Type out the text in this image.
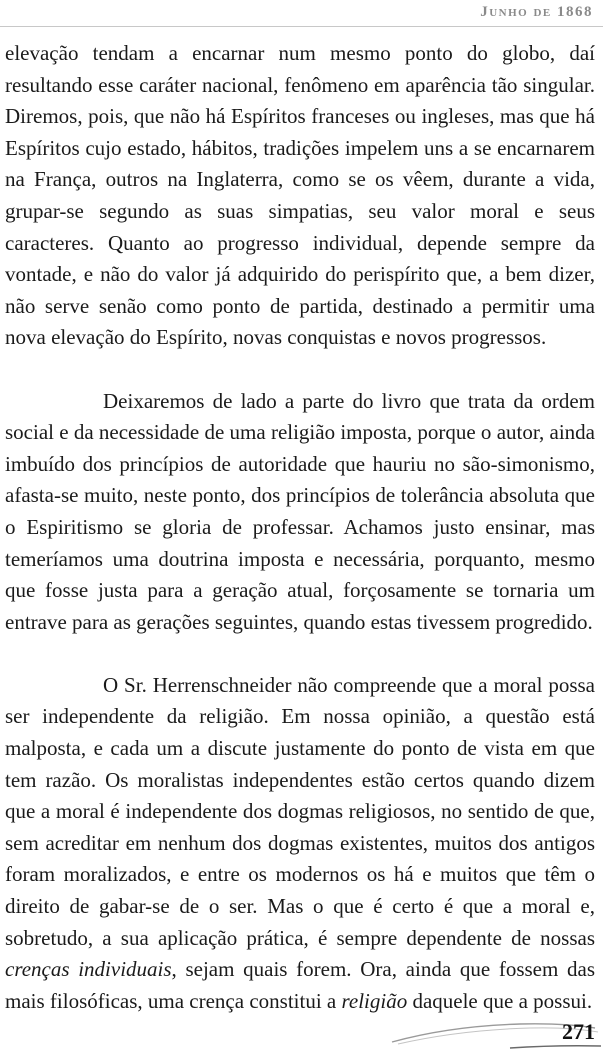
Junho de 1868

elevação tendam a encarnar num mesmo ponto do globo, daí resultando esse caráter nacional, fenômeno em aparência tão singular. Diremos, pois, que não há Espíritos franceses ou ingleses, mas que há Espíritos cujo estado, hábitos, tradições impelem uns a se encarnarem na França, outros na Inglaterra, como se os vêem, durante a vida, grupar-se segundo as suas simpatias, seu valor moral e seus caracteres. Quanto ao progresso individual, depende sempre da vontade, e não do valor já adquirido do perispírito que, a bem dizer, não serve senão como ponto de partida, destinado a permitir uma nova elevação do Espírito, novas conquistas e novos progressos.

Deixaremos de lado a parte do livro que trata da ordem social e da necessidade de uma religião imposta, porque o autor, ainda imbuído dos princípios de autoridade que hauriu no são-simonismo, afasta-se muito, neste ponto, dos princípios de tolerância absoluta que o Espiritismo se gloria de professar. Achamos justo ensinar, mas temeríamos uma doutrina imposta e necessária, porquanto, mesmo que fosse justa para a geração atual, forçosamente se tornaria um entrave para as gerações seguintes, quando estas tivessem progredido.

O Sr. Herrenschneider não compreende que a moral possa ser independente da religião. Em nossa opinião, a questão está malposta, e cada um a discute justamente do ponto de vista em que tem razão. Os moralistas independentes estão certos quando dizem que a moral é independente dos dogmas religiosos, no sentido de que, sem acreditar em nenhum dos dogmas existentes, muitos dos antigos foram moralizados, e entre os modernos os há e muitos que têm o direito de gabar-se de o ser. Mas o que é certo é que a moral e, sobretudo, a sua aplicação prática, é sempre dependente de nossas crenças individuais, sejam quais forem. Ora, ainda que fossem das mais filosóficas, uma crença constitui a religião daquele que a possui.

271
